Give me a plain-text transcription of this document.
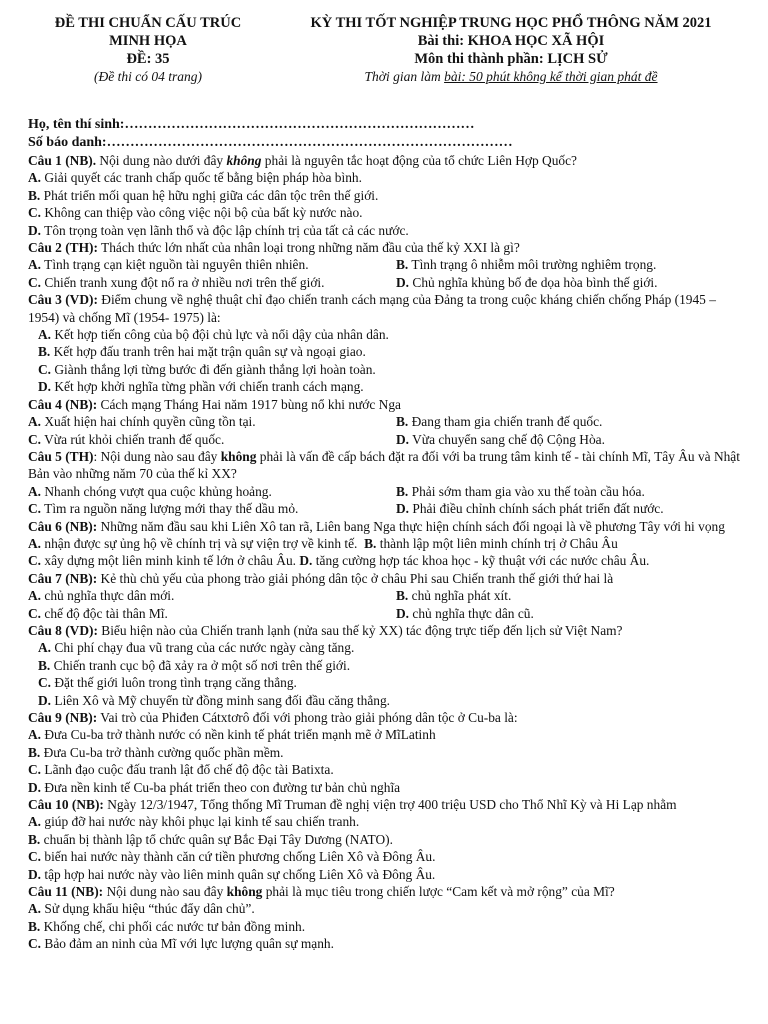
ĐỀ THI CHUẨN CẤU TRÚC
MINH HỌA
ĐỀ: 35
(Đề thi có 04 trang)
KỲ THI TỐT NGHIỆP TRUNG HỌC PHỔ THÔNG NĂM 2021
Bài thi: KHOA HỌC XÃ HỘI
Môn thi thành phần: LỊCH SỬ
Thời gian làm bài: 50 phút không kể thời gian phát đề
Họ, tên thí sinh:…………………………………………………………………
Số báo danh:……………………………………………………………………………
Câu 1 (NB). Nội dung nào dưới đây không phải là nguyên tắc hoạt động của tổ chức Liên Hợp Quốc?
A. Giải quyết các tranh chấp quốc tế bằng biện pháp hòa bình.
B. Phát triển mối quan hệ hữu nghị giữa các dân tộc trên thế giới.
C. Không can thiệp vào công việc nội bộ của bất kỳ nước nào.
D. Tôn trọng toàn vẹn lãnh thổ và độc lập chính trị của tất cả các nước.
Câu 2 (TH): Thách thức lớn nhất của nhân loại trong những năm đầu của thế kỷ XXI là gì?
A. Tình trạng cạn kiệt nguồn tài nguyên thiên nhiên.	B. Tình trạng ô nhiễm môi trường nghiêm trọng.
C. Chiến tranh xung đột nổ ra ở nhiều nơi trên thế giới.	D. Chủ nghĩa khủng bố đe dọa hòa bình thế giới.
Câu 3 (VD): Điểm chung về nghệ thuật chỉ đạo chiến tranh cách mạng của Đảng ta trong cuộc kháng chiến chống Pháp (1945 – 1954) và chống Mĩ (1954- 1975) là:
A. Kết hợp tiến công của bộ đội chủ lực và nổi dậy của nhân dân.
B. Kết hợp đấu tranh trên hai mặt trận quân sự và ngoại giao.
C. Giành thắng lợi từng bước đi đến giành thắng lợi hoàn toàn.
D. Kết hợp khởi nghĩa từng phần với chiến tranh cách mạng.
Câu 4 (NB): Cách mạng Tháng Hai năm 1917 bùng nổ khi nước Nga
A. Xuất hiện hai chính quyền cũng tồn tại.	B. Đang tham gia chiến tranh đế quốc.
C. Vừa rút khỏi chiến tranh đế quốc.	D. Vừa chuyển sang chế độ Cộng Hòa.
Câu 5 (TH): Nội dung nào sau đây không phải là vấn đề cấp bách đặt ra đối với ba trung tâm kinh tế - tài chính Mĩ, Tây Âu và Nhật Bản vào những năm 70 của thế kỉ XX?
A. Nhanh chóng vượt qua cuộc khủng hoảng.	B. Phải sớm tham gia vào xu thế toàn cầu hóa.
C. Tìm ra nguồn năng lượng mới thay thế dầu mỏ.	D. Phải điều chỉnh chính sách phát triển đất nước.
Câu 6 (NB): Những năm đầu sau khi Liên Xô tan rã, Liên bang Nga thực hiện chính sách đối ngoại là về phương Tây với hi vọng
A. nhận được sự ủng hộ về chính trị và sự viện trợ về kinh tế. B. thành lập một liên minh chính trị ở Châu Âu
C. xây dựng một liên minh kinh tế lớn ở châu Âu. D. tăng cường hợp tác khoa học - kỹ thuật với các nước châu Âu.
Câu 7 (NB): Kẻ thù chủ yếu của phong trào giải phóng dân tộc ở châu Phi sau Chiến tranh thế giới thứ hai là
A. chủ nghĩa thực dân mới.	B. chủ nghĩa phát xít.
C. chế độ độc tài thân Mĩ.	D. chủ nghĩa thực dân cũ.
Câu 8 (VD): Biểu hiện nào của Chiến tranh lạnh (nửa sau thế kỷ XX) tác động trực tiếp đến lịch sử Việt Nam?
A. Chi phí chạy đua vũ trang của các nước ngày càng tăng.
B. Chiến tranh cục bộ đã xảy ra ở một số nơi trên thế giới.
C. Đặt thế giới luôn trong tình trạng căng thẳng.
D. Liên Xô và Mỹ chuyển từ đồng minh sang đối đầu căng thẳng.
Câu 9 (NB): Vai trò của Phiđen Cátxtơrô đối với phong trào giải phóng dân tộc ở Cu-ba là:
A. Đưa Cu-ba trở thành nước có nền kinh tế phát triển mạnh mẽ ở MĩLatinh
B. Đưa Cu-ba trở thành cường quốc phần mềm.
C. Lãnh đạo cuộc đấu tranh lật đổ chế độ độc tài Batixta.
D. Đưa nền kinh tế Cu-ba phát triển theo con đường tư bản chủ nghĩa
Câu 10 (NB): Ngày 12/3/1947, Tổng thống Mĩ Truman đề nghị viện trợ 400 triệu USD cho Thổ Nhĩ Kỳ và Hi Lạp nhằm
A. giúp đỡ hai nước này khôi phục lại kinh tế sau chiến tranh.
B. chuẩn bị thành lập tổ chức quân sự Bắc Đại Tây Dương (NATO).
C. biến hai nước này thành căn cứ tiền phương chống Liên Xô và Đông Âu.
D. tập hợp hai nước này vào liên minh quân sự chống Liên Xô và Đông Âu.
Câu 11 (NB): Nội dung nào sau đây không phải là mục tiêu trong chiến lược “Cam kết và mở rộng” của Mĩ?
A. Sử dụng khẩu hiệu “thúc đẩy dân chủ”.
B. Khống chế, chi phối các nước tư bản đồng minh.
C. Bảo đảm an ninh của Mĩ với lực lượng quân sự mạnh.
